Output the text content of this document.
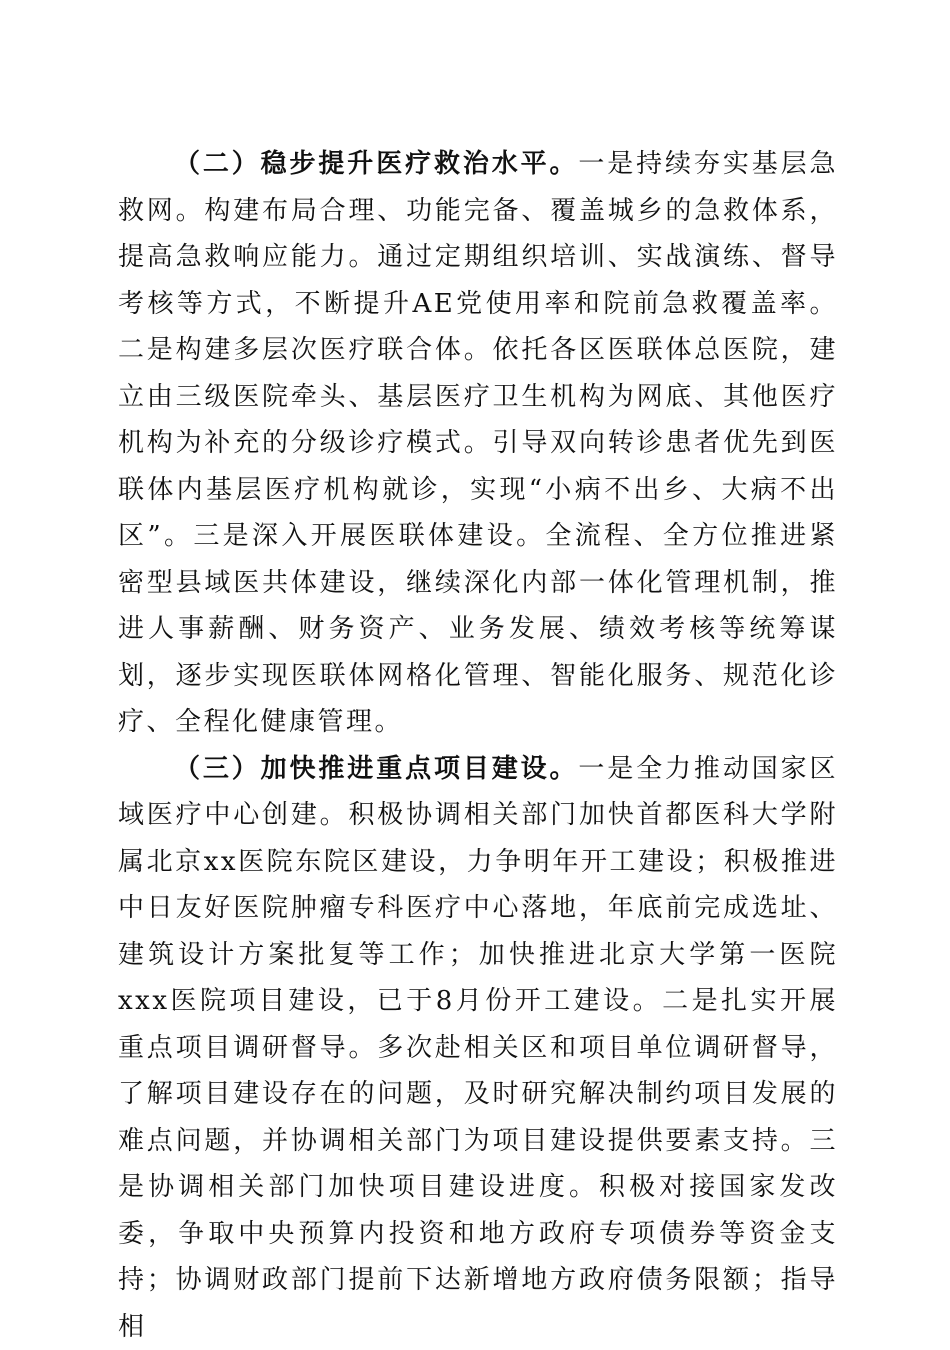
（二）稳步提升医疗救治水平。一是持续夯实基层急救网。构建布局合理、功能完备、覆盖城乡的急救体系，提高急救响应能力。通过定期组织培训、实战演练、督导考核等方式，不断提升AE党使用率和院前急救覆盖率。二是构建多层次医疗联合体。依托各区医联体总医院，建立由三级医院牵头、基层医疗卫生机构为网底、其他医疗机构为补充的分级诊疗模式。引导双向转诊患者优先到医联体内基层医疗机构就诊，实现“小病不出乡、大病不出区”。三是深入开展医联体建设。全流程、全方位推进紧密型县域医共体建设，继续深化内部一体化管理机制，推进人事薪酬、财务资产、业务发展、绩效考核等统筹谋划，逐步实现医联体网格化管理、智能化服务、规范化诊疗、全程化健康管理。

（三）加快推进重点项目建设。一是全力推动国家区域医疗中心创建。积极协调相关部门加快首都医科大学附属北京xx医院东院区建设，力争明年开工建设；积极推进中日友好医院肿瘤专科医疗中心落地，年底前完成选址、建筑设计方案批复等工作；加快推进北京大学第一医院xxx医院项目建设，已于8月份开工建设。二是扎实开展重点项目调研督导。多次赴相关区和项目单位调研督导，了解项目建设存在的问题，及时研究解决制约项目发展的难点问题，并协调相关部门为项目建设提供要素支持。三是协调相关部门加快项目建设进度。积极对接国家发改委，争取中央预算内投资和地方政府专项债券等资金支持；协调财政部门提前下达新增地方政府债务限额；指导相
